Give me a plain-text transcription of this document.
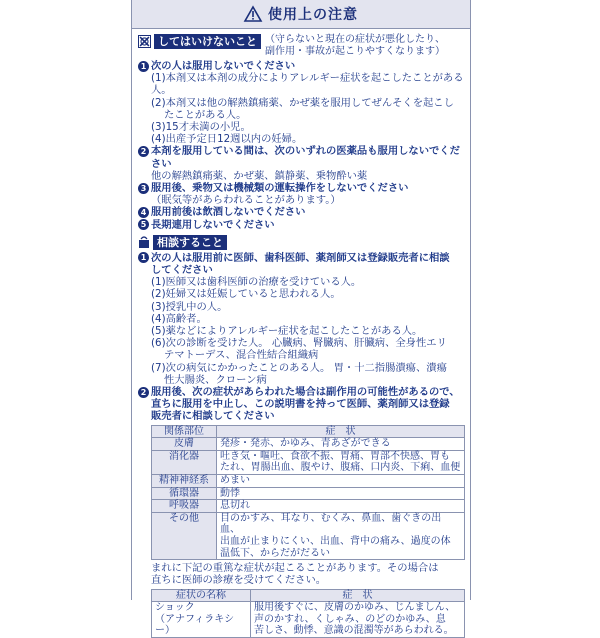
使用上の注意
してはいけないこと （守らないと現在の症状が悪化したり、
副作用・事故が起こりやすくなります）
1 次の人は服用しないでください
(1)本剤又は本剤の成分によりアレルギー症状を起こしたことがある人。
(2)本剤又は他の解熱鎮痛薬、かぜ薬を服用してぜんそくを起こし
たことがある人。
(3)15才未満の小児。
(4)出産予定日12週以内の妊婦。
2 本剤を服用している間は、次のいずれの医薬品も服用しないでください
他の解熱鎮痛薬、かぜ薬、鎮静薬、乗物酔い薬
3 服用後、乗物又は機械類の運転操作をしないでください
（眠気等があらわれることがあります。）
4 服用前後は飲酒しないでください
5 長期連用しないでください
相談すること
1 次の人は服用前に医師、歯科医師、薬剤師又は登録販売者に相談
してください
(1)医師又は歯科医師の治療を受けている人。
(2)妊婦又は妊娠していると思われる人。
(3)授乳中の人。
(4)高齢者。
(5)薬などによりアレルギー症状を起こしたことがある人。
(6)次の診断を受けた人。 心臓病、腎臓病、肝臓病、全身性エリ
テマトーデス、混合性結合組織病
(7)次の病気にかかったことのある人。 胃・十二指腸潰瘍、潰瘍
性大腸炎、クローン病
2 服用後、次の症状があらわれた場合は副作用の可能性があるので、
直ちに服用を中止し、この説明書を持って医師、薬剤師又は登録
販売者に相談してください
関係部位	症　状
皮膚	発疹・発赤、かゆみ、青あざができる
消化器	吐き気・嘔吐、食欲不振、胃痛、胃部不快感、胃も
たれ、胃腸出血、腹やけ、腹痛、口内炎、下痢、血便
精神神経系	めまい
循環器	動悸
呼吸器	息切れ
その他	目のかすみ、耳なり、むくみ、鼻血、歯ぐきの出血、
出血が止まりにくい、出血、背中の痛み、過度の体
温低下、からだがだるい
まれに下記の重篤な症状が起こることがあります。その場合は
直ちに医師の診療を受けてください。
症状の名称	症　状
ショック
（アナフィラキシー）	服用後すぐに、皮膚のかゆみ、じんましん、
声のかすれ、くしゃみ、のどのかゆみ、息
苦しさ、動悸、意識の混濁等があらわれる。
